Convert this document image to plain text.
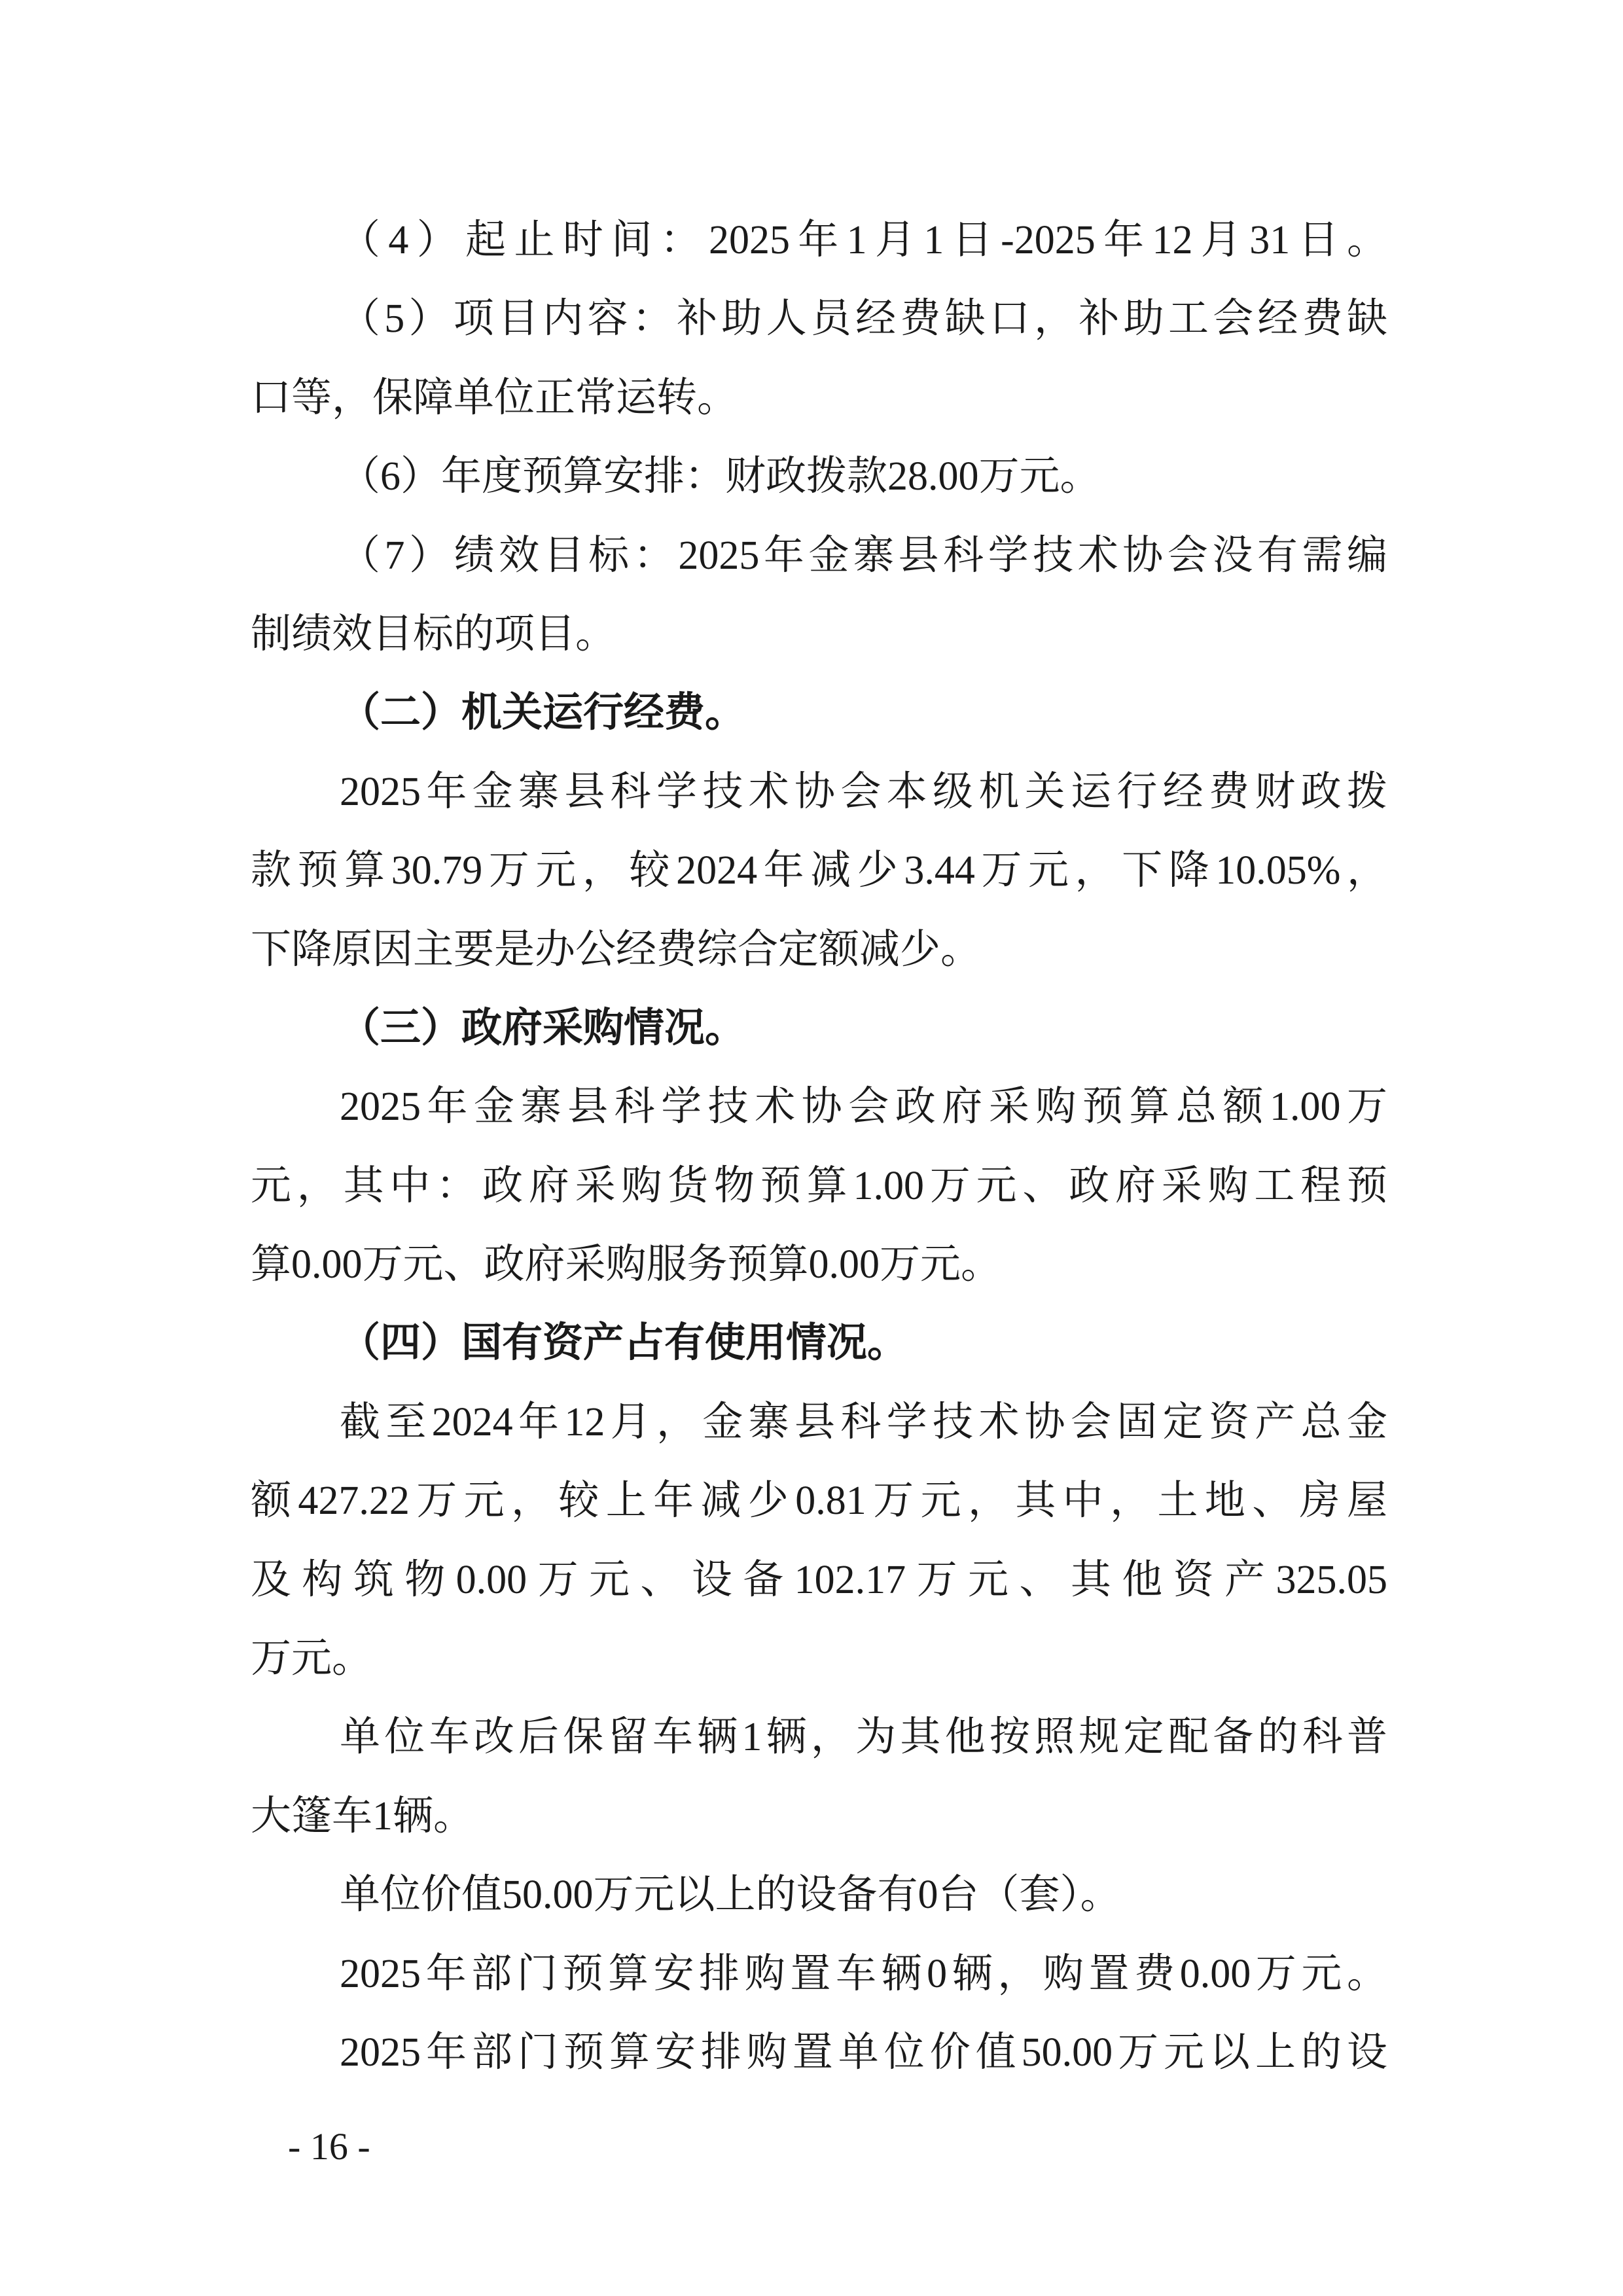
（4）起止时间：2025年1月1日-2025年12月31日。
（5）项目内容：补助人员经费缺口，补助工会经费缺
口等，保障单位正常运转。
（6）年度预算安排：财政拨款28.00万元。
（7）绩效目标：2025年金寨县科学技术协会没有需编
制绩效目标的项目。
（二）机关运行经费。
2025年金寨县科学技术协会本级机关运行经费财政拨
款预算30.79万元，较2024年减少3.44万元，下降10.05%，
下降原因主要是办公经费综合定额减少。
（三）政府采购情况。
2025年金寨县科学技术协会政府采购预算总额1.00万
元，其中：政府采购货物预算1.00万元、政府采购工程预
算0.00万元、政府采购服务预算0.00万元。
（四）国有资产占有使用情况。
截至2024年12月，金寨县科学技术协会固定资产总金
额427.22万元，较上年减少0.81万元，其中，土地、房屋
及构筑物0.00万元、设备102.17万元、其他资产325.05
万元。
单位车改后保留车辆1辆，为其他按照规定配备的科普
大篷车1辆。
单位价值50.00万元以上的设备有0台（套）。
2025年部门预算安排购置车辆0辆，购置费0.00万元。
2025年部门预算安排购置单位价值50.00万元以上的设
- 16 -
